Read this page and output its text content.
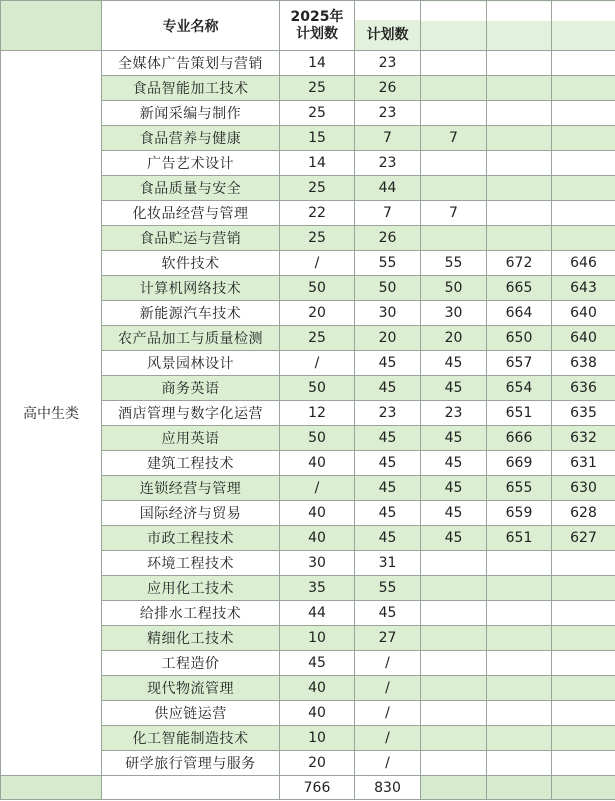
	专业名称	2025年
计划数	计划数			

高中生类	全媒体广告策划与营销	14	23			
	食品智能加工技术	25	26			
	新闻采编与制作	25	23			
	食品营养与健康	15	7	7		
	广告艺术设计	14	23			
	食品质量与安全	25	44			
	化妆品经营与管理	22	7	7		
	食品贮运与营销	25	26			
	软件技术	/	55	55	672	646
	计算机网络技术	50	50	50	665	643
	新能源汽车技术	20	30	30	664	640
	农产品加工与质量检测	25	20	20	650	640
	风景园林设计	/	45	45	657	638
	商务英语	50	45	45	654	636
	酒店管理与数字化运营	12	23	23	651	635
	应用英语	50	45	45	666	632
	建筑工程技术	40	45	45	669	631
	连锁经营与管理	/	45	45	655	630
	国际经济与贸易	40	45	45	659	628
	市政工程技术	40	45	45	651	627
	环境工程技术	30	31			
	应用化工技术	35	55			
	给排水工程技术	44	45			
	精细化工技术	10	27			
	工程造价	45	/			
	现代物流管理	40	/			
	供应链运营	40	/			
	化工智能制造技术	10	/			
	研学旅行管理与服务	20	/			
		766	830			
